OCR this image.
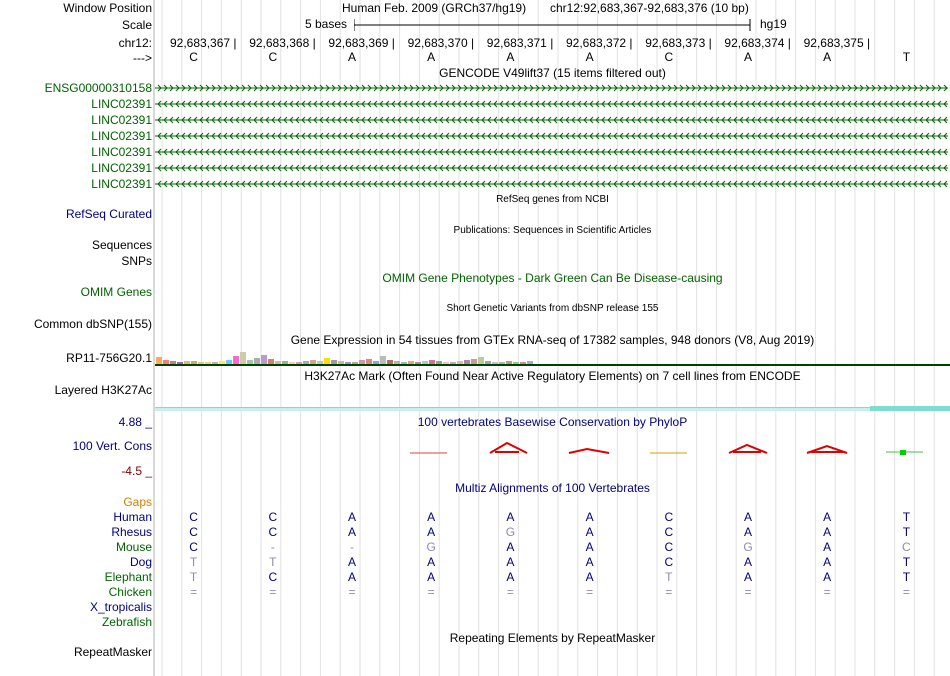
Window Position	Human Feb. 2009 (GRCh37/hg19) chr12:92,683,367-92,683,376 (10 bp)
Scale	5 bases	hg19
chr12: 92,683,367 | 92,683,368 | 92,683,369 | 92,683,370 | 92,683,371 | 92,683,372 | 92,683,373 | 92,683,374 | 92,683,375 |
--->	C	C	A	A	A	A	C	A	A	T
GENCODE V49lift37 (15 items filtered out)
ENSG00000310158
LINC02391
LINC02391
LINC02391
LINC02391
LINC02391
LINC02391
RefSeq genes from NCBI
RefSeq Curated
Publications: Sequences in Scientific Articles
Sequences
SNPs
OMIM Gene Phenotypes - Dark Green Can Be Disease-causing
OMIM Genes
Short Genetic Variants from dbSNP release 155
Common dbSNP(155)
Gene Expression in 54 tissues from GTEx RNA-seq of 17382 samples, 948 donors (V8, Aug 2019)
RP11-756G20.1
H3K27Ac Mark (Often Found Near Active Regulatory Elements) on 7 cell lines from ENCODE
Layered H3K27Ac
4.88 _	100 vertebrates Basewise Conservation by PhyloP
100 Vert. Cons
-4.5 _
Multiz Alignments of 100 Vertebrates
Gaps
Human	C	C	A	A	A	A	C	A	A	T
Rhesus	C	C	A	A	G	A	C	A	A	T
Mouse	C	-	-	G	A	A	C	G	A	C
Dog	T	T	A	A	A	A	C	A	A	T
Elephant	T	C	A	A	A	A	T	A	A	T
Chicken	=	=	=	=	=	=	=	=	=	=
X_tropicalis
Zebrafish
Repeating Elements by RepeatMasker
RepeatMasker
